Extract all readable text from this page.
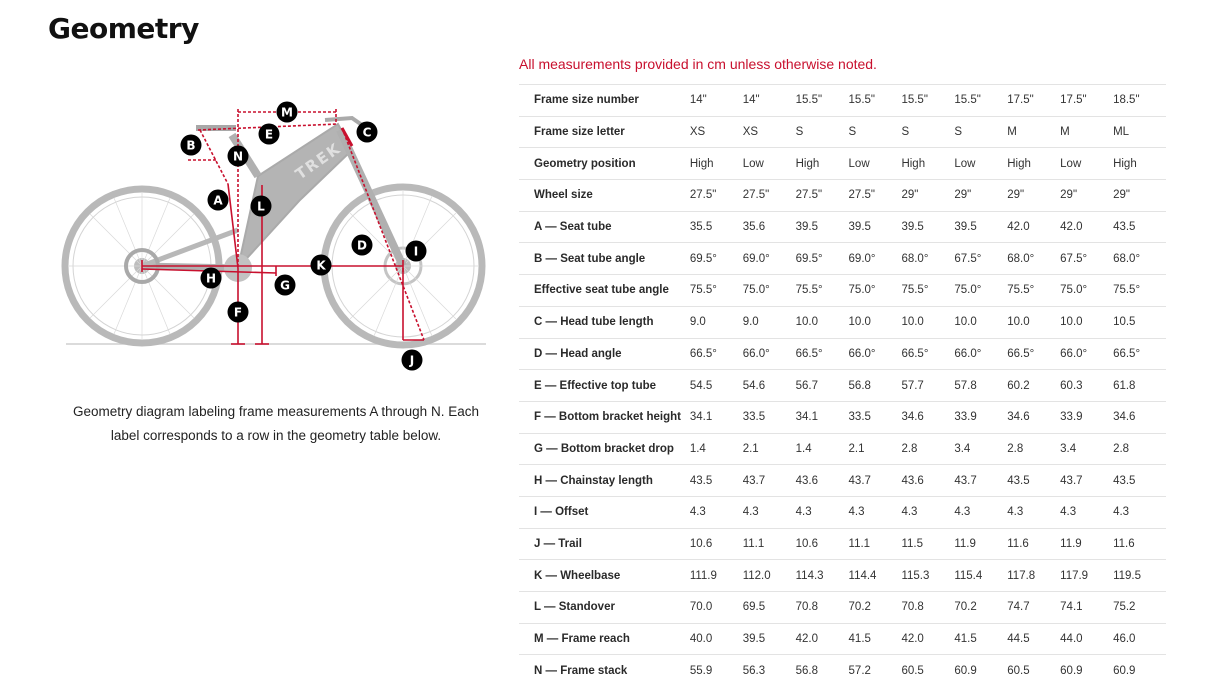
Geometry
TREK
A
B
C
D
E
F
G
H
I
J
K
L
M
N

Geometry diagram labeling frame measurements A through N. Each label corresponds to a row in the geometry table below.

All measurements provided in cm unless otherwise noted.

Frame size number	14"	14"	15.5"	15.5"	15.5"	15.5"	17.5"	17.5"	18.5"
Frame size letter	XS	XS	S	S	S	S	M	M	ML
Geometry position	High	Low	High	Low	High	Low	High	Low	High
Wheel size	27.5"	27.5"	27.5"	27.5"	29"	29"	29"	29"	29"
A — Seat tube	35.5	35.6	39.5	39.5	39.5	39.5	42.0	42.0	43.5
B — Seat tube angle	69.5°	69.0°	69.5°	69.0°	68.0°	67.5°	68.0°	67.5°	68.0°
Effective seat tube angle	75.5°	75.0°	75.5°	75.0°	75.5°	75.0°	75.5°	75.0°	75.5°
C — Head tube length	9.0	9.0	10.0	10.0	10.0	10.0	10.0	10.0	10.5
D — Head angle	66.5°	66.0°	66.5°	66.0°	66.5°	66.0°	66.5°	66.0°	66.5°
E — Effective top tube	54.5	54.6	56.7	56.8	57.7	57.8	60.2	60.3	61.8
F — Bottom bracket height	34.1	33.5	34.1	33.5	34.6	33.9	34.6	33.9	34.6
G — Bottom bracket drop	1.4	2.1	1.4	2.1	2.8	3.4	2.8	3.4	2.8
H — Chainstay length	43.5	43.7	43.6	43.7	43.6	43.7	43.5	43.7	43.5
I — Offset	4.3	4.3	4.3	4.3	4.3	4.3	4.3	4.3	4.3
J — Trail	10.6	11.1	10.6	11.1	11.5	11.9	11.6	11.9	11.6
K — Wheelbase	111.9	112.0	114.3	114.4	115.3	115.4	117.8	117.9	119.5
L — Standover	70.0	69.5	70.8	70.2	70.8	70.2	74.7	74.1	75.2
M — Frame reach	40.0	39.5	42.0	41.5	42.0	41.5	44.5	44.0	46.0
N — Frame stack	55.9	56.3	56.8	57.2	60.5	60.9	60.5	60.9	60.9
